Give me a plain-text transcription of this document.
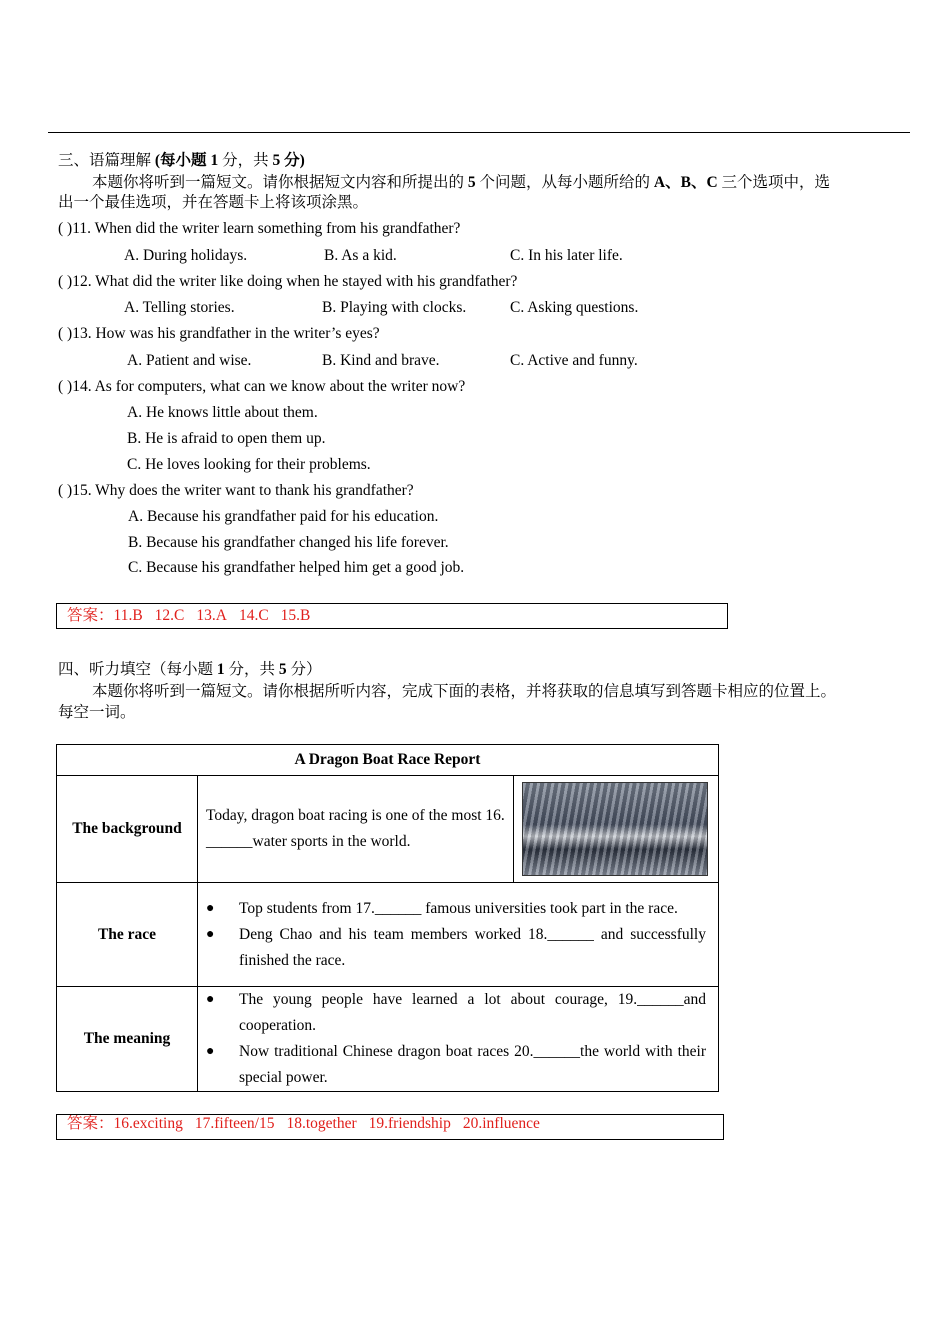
三、语篇理解 (每小题 1 分，共 5 分)
本题你将听到一篇短文。请你根据短文内容和所提出的 5 个问题，从每小题所给的 A、B、C 三个选项中，选
出一个最佳选项，并在答题卡上将该项涂黑。
( )11. When did the writer learn something from his grandfather?
A. During holidays.	B. As a kid.	C. In his later life.
( )12. What did the writer like doing when he stayed with his grandfather?
A. Telling stories.	B. Playing with clocks.	C. Asking questions.
( )13. How was his grandfather in the writer’s eyes?
A. Patient and wise.	B. Kind and brave.	C. Active and funny.
( )14. As for computers, what can we know about the writer now?
A. He knows little about them.
B. He is afraid to open them up.
C. He loves looking for their problems.
( )15. Why does the writer want to thank his grandfather?
A. Because his grandfather paid for his education.
B. Because his grandfather changed his life forever.
C. Because his grandfather helped him get a good job.
答案：11.B 12.C 13.A 14.C 15.B
四、听力填空（每小题 1 分，共 5 分）
本题你将听到一篇短文。请你根据所听内容，完成下面的表格，并将获取的信息填写到答题卡相应的位置上。
每空一词。
A Dragon Boat Race Report		
The background	Today, dragon boat racing is one of the most 16. ______water sports in the world.	

The race	● Top students from 17.______ famous universities took part in the race.
● Deng Chao and his team members worked 18.______ and successfully finished the race.	

The meaning	● The young people have learned a lot about courage, 19.______and cooperation.
● Now traditional Chinese dragon boat races 20.______the world with their special power.	
答案：16.exciting 17.fifteen/15 18.together 19.friendship 20.influence
